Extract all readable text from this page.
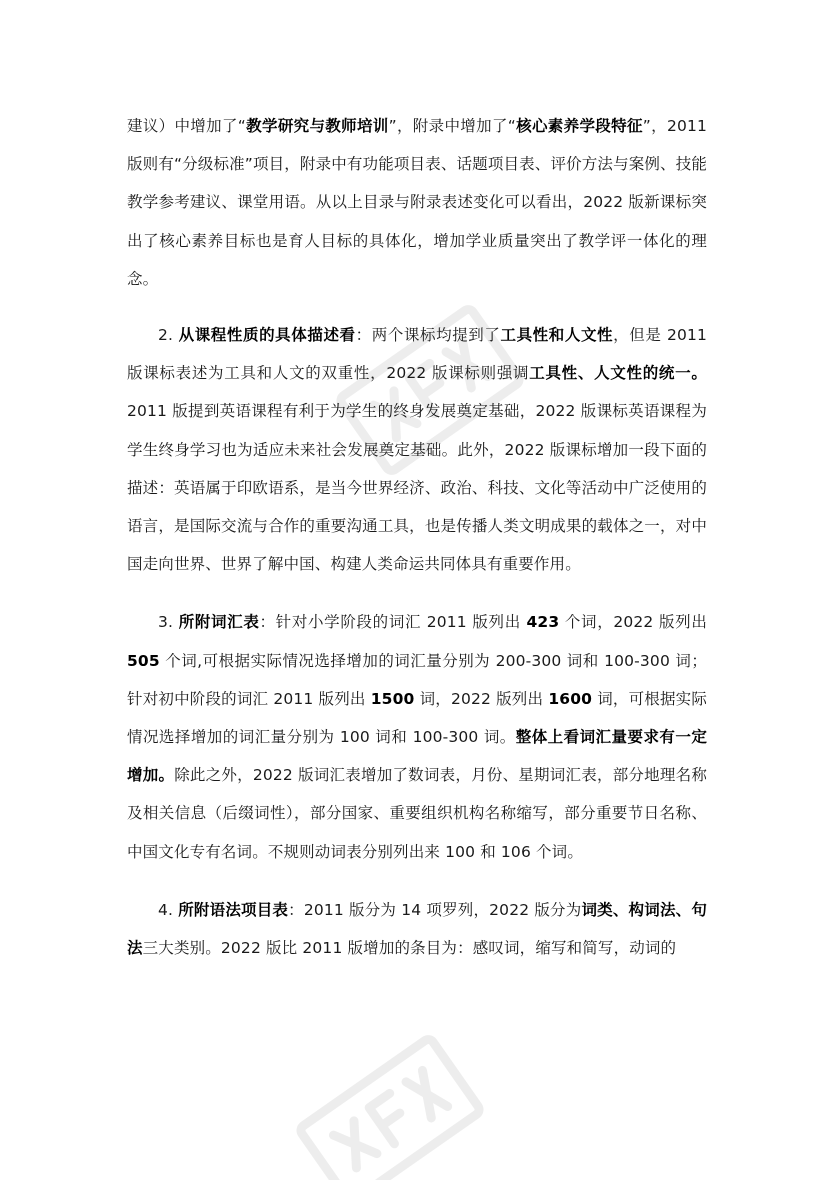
建议）中增加了“教学研究与教师培训”，附录中增加了“核心素养学段特征”，2011 版则有“分级标准”项目，附录中有功能项目表、话题项目表、评价方法与案例、技能教学参考建议、课堂用语。从以上目录与附录表述变化可以看出，2022 版新课标突出了核心素养目标也是育人目标的具体化，增加学业质量突出了教学评一体化的理念。

2. 从课程性质的具体描述看：两个课标均提到了工具性和人文性，但是 2011 版课标表述为工具和人文的双重性，2022 版课标则强调工具性、人文性的统一。2011 版提到英语课程有利于为学生的终身发展奠定基础，2022 版课标英语课程为学生终身学习也为适应未来社会发展奠定基础。此外，2022 版课标增加一段下面的描述：英语属于印欧语系，是当今世界经济、政治、科技、文化等活动中广泛使用的语言，是国际交流与合作的重要沟通工具，也是传播人类文明成果的载体之一，对中国走向世界、世界了解中国、构建人类命运共同体具有重要作用。

3. 所附词汇表：针对小学阶段的词汇 2011 版列出 423 个词，2022 版列出 505 个词,可根据实际情况选择增加的词汇量分别为 200-300 词和 100-300 词；针对初中阶段的词汇 2011 版列出 1500 词，2022 版列出 1600 词，可根据实际情况选择增加的词汇量分别为 100 词和 100-300 词。整体上看词汇量要求有一定增加。除此之外，2022 版词汇表增加了数词表，月份、星期词汇表，部分地理名称及相关信息（后缀词性），部分国家、重要组织机构名称缩写，部分重要节日名称、中国文化专有名词。不规则动词表分别列出来 100 和 106 个词。

4. 所附语法项目表：2011 版分为 14 项罗列，2022 版分为词类、构词法、句法三大类别。2022 版比 2011 版增加的条目为：感叹词，缩写和简写，动词的
